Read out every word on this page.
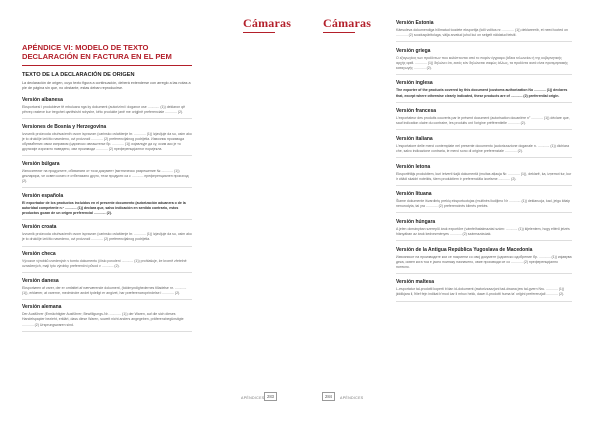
Cámaras
APÉNDICE VI: MODELO DE TEXTO DECLARACIÓN EN FACTURA EN EL PEM
TEXTO DE LA DECLARACIÓN DE ORIGEN
La declaración de origen, cuyo texto figura a continuación, deberá extenderse con arreglo a las notas a pie de página sin que, no obstante, estas deban reproducirse.
Versión albanesa
Eksportuesi i produkteve të mbuluara nga ky dokument (autorizimi i doganor ose ............ (1)) deklaron që përveç rasteve kur tregohet qartësisht ndryshe, këto produkte janë me origjinë preferenciale ............ (2).
Versiones de Bosnia y Herzegovina
Izvoznik proizvoda obuhvaćenih ovom ispravom (carinsko ovlaštenje br. ............ (1)) izjavljuje da su, osim ako je to drukčije izričito navedeno, ovi proizvodi ............ (2) preferencijalnog podrijetla. Извозник производа обухваћених овом исправом (царинско овлаштење бр. ............ (1)) изјављује да су, осим ако је то другачије изричито наведено, ови производи ............ (2) преференцијалног поријекла.
Versión búlgara
Износителят на продуктите, обхванати от този документ (митническо разрешение № ............ (1)) декларира, че освен когато е отбелязано друго, тези продукти са с ............ преференциален произход (2).
Versión española
El exportador de los productos incluidos en el presente documento (autorización aduanera o de la autoridad competente n.º ............ (1)) declara que, salvo indicación en sentido contrario, estos productos gozan de un origen preferencial ............ (2).
Versión croata
Izvoznik proizvoda obuhvaćenih ovom ispravom (carinsko ovlaštenje br. ............ (1)) izjavljuje da su, osim ako je to drukčije izričito navedeno, ovi proizvodi ............ (2) preferencijalnog podrijetla.
Versión checa
Vývozce výrobků uvedených v tomto dokumentu (číslo povolení ............ (1)) prohlašuje, že kromě zřetelně označených, mají tyto výrobky preferenční původ v ............ (2).
Versión danesa
Eksportøren af varer, der er omfattet af nærværende dokument, (toldmyndighedernes tilladelse nr. ............ (1)), erklærer, at varerne, medmindre andet tydeligt er angivet, har præferenceoprindelse i ............ (2).
Versión alemana
Der Ausführer (Ermächtigter Ausführer; Bewilligungs-Nr. ............ (1)) der Waren, auf die sich dieses Handelspapier bezieht, erklärt, dass diese Waren, soweit nicht anders angegeben, präferenzbegünstigte ............ (2) Ursprungswaren sind.
APÉNDICES 283
Cámaras	Versión Estonia
Käesoleva dokumendiga hõlmatud toodete eksportija (tolli volitus nr. ............ (1)) deklareerib, et need tooted on ............ (2) sooduspäritoluga, välja arvatud juhul kui on selgelt näidatud teisiti.
Versión griega
Ο εξαγωγέας των προϊόντων που καλύπτονται από το παρόν έγγραφο (άδεια τελωνείου ή της κυβερνητικής αρχής αριθ. ............ (1)) δηλώνει ότι, εκτός εάν δηλώνεται σαφώς άλλως, τα προϊόντα αυτά είναι προτιμησιακής καταγωγής ............ (2).
Versión inglesa
The exporter of the products covered by this document (customs authorization No ............ (1)) declares that, except where otherwise clearly indicated, these products are of ............ (2) preferential origin.
Versión francesa
L'exportateur des produits couverts par le présent document (autorisation douanière n° ............ (1)) déclare que, sauf indication claire du contraire, les produits ont l'origine préférentielle ............ (2).
Versión italiana
L'esportatore delle merci contemplate nel presente documento (autorizzazione doganale n. ............ (1)) dichiara che, salvo indicazione contraria, le merci sono di origine preferenziale ............ (2).
Versión letona
Eksportētājs produktiem, kuri ietverti šajā dokumentā (muitas atļauja Nr. ............ (1)), deklarē, ka, izņemot tur, kur ir citādi skaidri noteikts, šiem produktiem ir preferenciāla izcelsme ............ (2).
Versión lituana
Šiame dokumente išvardintų prekių eksportuotojas (muitinės liudijimo Nr ............ (1)) deklaruoja, kad, jeigu kitaip nenurodyta, tai yra ............ (2) preferencinės kilmės prekės.
Versión húngara
A jelen okmányban szereplő áruk exportőre (vámfelhatalmazási szám: ............ (1)) kijelentem, hogy eltérő jelzés hiányában az áruk kedvezményes ............ (2) származásúak.
Versión de la Antigua República Yugoslava de Macedonia
Извозникот на производите кои се покриени со овој документ (царинско одобрение бр. ............ (1)) изјавува дека, освен кога тоа е јасно поинаку назначено, овие производи се со ............ (2) преференцијално потекло.
Versión maltesa
L-esportatur tal-prodotti koperti b'dan id-dokument (awtorizzazzjoni tad-dwana jew tal-gvern Nru. ............ (1)) jiddikjara li, ħlief fejn indikat b'mod ċar li mhux hekk, dawn il-prodotti huma ta' oriġini preferenzjali ............ (2).
284	APÉNDICES
